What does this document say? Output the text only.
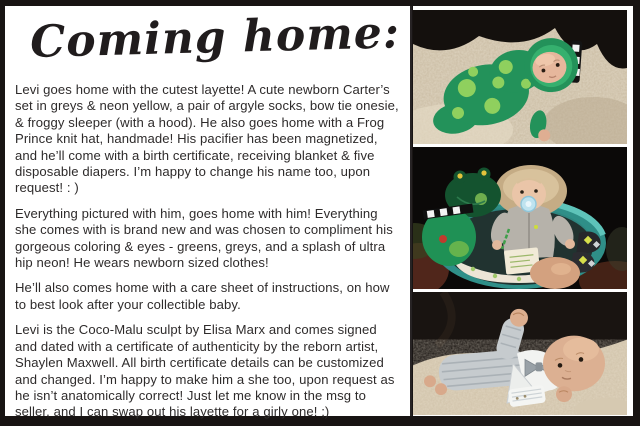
Coming home:

Levi goes home with the cutest layette! A cute newborn Carter’s set in greys & neon yellow, a pair of argyle socks, bow tie onesie, & froggy sleeper (with a hood). He also goes home with a Frog Prince knit hat, handmade! His pacifier has been magnetized, and he’ll come with a birth certificate, receiving blanket & five disposable diapers. I’m happy to change his name too, upon request! : )

Everything pictured with him, goes home with him! Everything she comes with is brand new and was chosen to compliment his gorgeous coloring & eyes - greens, greys, and a splash of ultra hip neon! He wears newborn sized clothes!

He’ll also comes home with a care sheet of instructions, on how to best look after your collectible baby.

Levi is the Coco-Malu sculpt by Elisa Marx and comes signed and dated with a certificate of authenticity by the reborn artist, Shaylen Maxwell. All birth certificate details can be customized and changed. I’m happy to make him a she too, upon request as he isn’t anatomically correct! Just let me know in the msg to seller, and I can swap out his layette for a girly one! ;)
